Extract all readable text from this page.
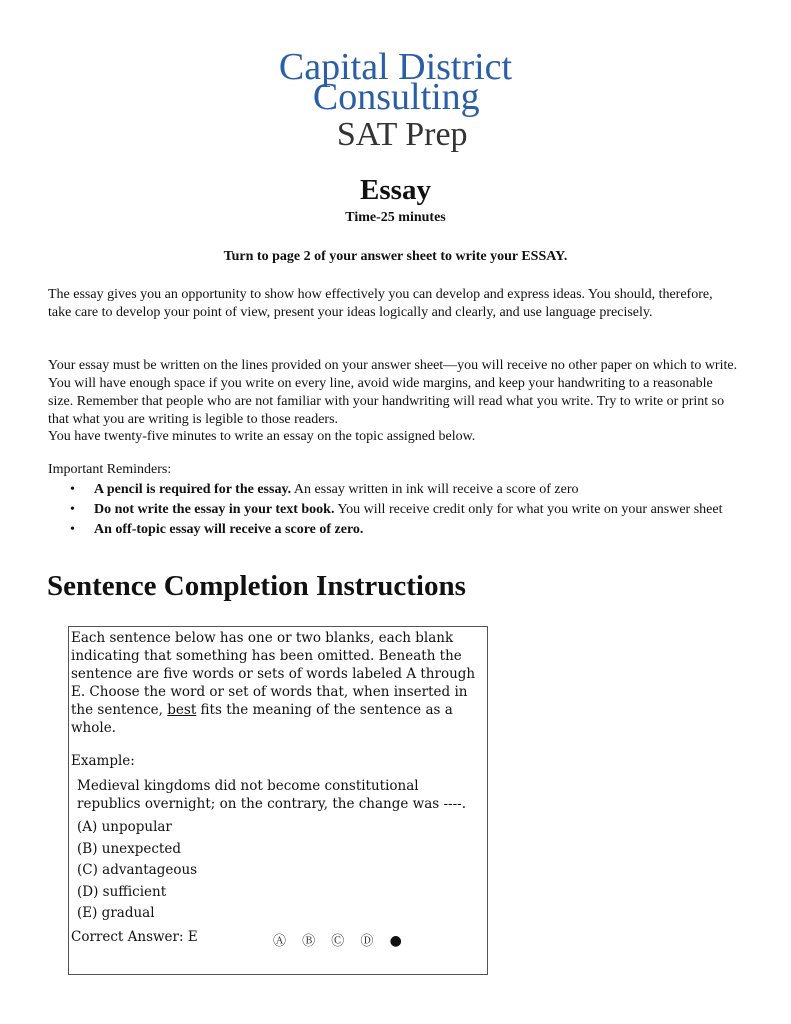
Capital District
Consulting
SAT Prep
Essay
Time-25 minutes
Turn to page 2 of your answer sheet to write your ESSAY.
The essay gives you an opportunity to show how effectively you can develop and express ideas. You should, therefore, take care to develop your point of view, present your ideas logically and clearly, and use language precisely.
Your essay must be written on the lines provided on your answer sheet—you will receive no other paper on which to write. You will have enough space if you write on every line, avoid wide margins, and keep your handwriting to a reasonable size. Remember that people who are not familiar with your handwriting will read what you write. Try to write or print so that what you are writing is legible to those readers.
You have twenty-five minutes to write an essay on the topic assigned below.
Important Reminders:
• A pencil is required for the essay. An essay written in ink will receive a score of zero
• Do not write the essay in your text book. You will receive credit only for what you write on your answer sheet
• An off-topic essay will receive a score of zero.
Sentence Completion Instructions
Each sentence below has one or two blanks, each blank indicating that something has been omitted. Beneath the sentence are five words or sets of words labeled A through E. Choose the word or set of words that, when inserted in the sentence, best fits the meaning of the sentence as a whole.
Example:
Medieval kingdoms did not become constitutional republics overnight; on the contrary, the change was ----.
(A) unpopular
(B) unexpected
(C) advantageous
(D) sufficient
(E) gradual
Correct Answer: E	Ⓐ Ⓑ Ⓒ Ⓓ ●
